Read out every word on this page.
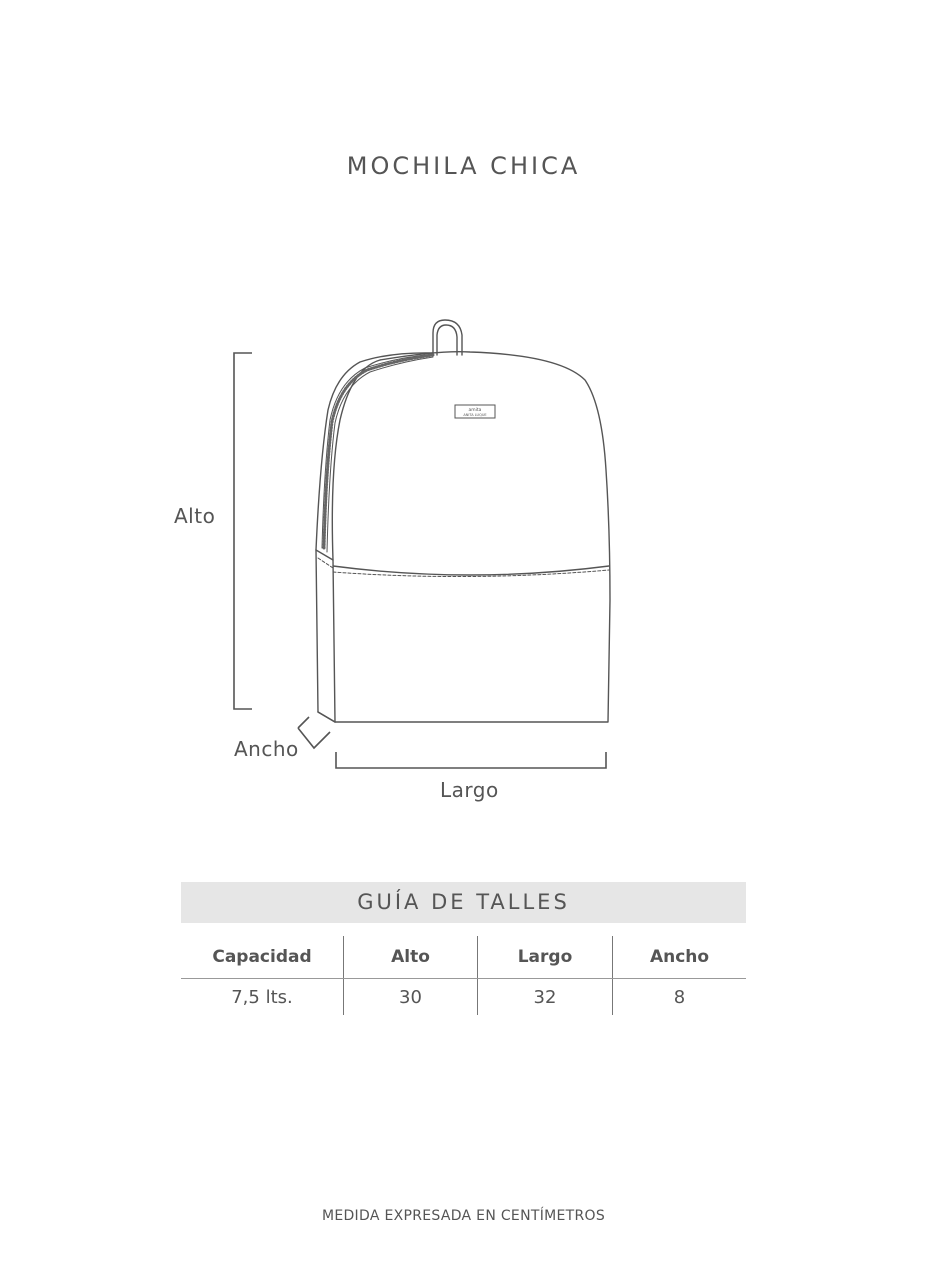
MOCHILA CHICA
amita
ANITA LUQUE
Alto
Ancho
Largo
GUÍA DE TALLES
Capacidad	Alto	Largo	Ancho
7,5 lts.	30	32	8
MEDIDA EXPRESADA EN CENTÍMETROS
